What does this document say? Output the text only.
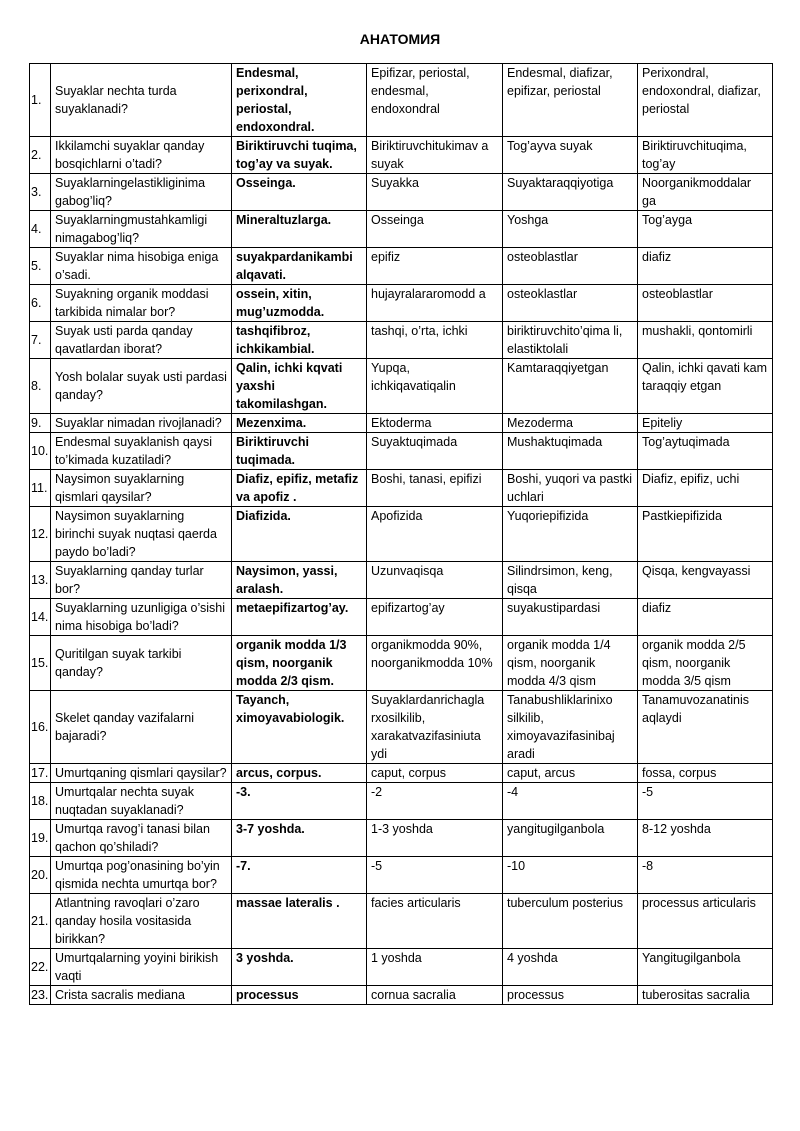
АНАТОМИЯ
1.	Suyaklar nechta turda suyaklanadi?	Endesmal, perixondral, periostal, endoxondral.	Epifizar, periostal, endesmal, endoxondral	Endesmal, diafizar, epifizar, periostal	Perixondral, endoxondral, diafizar, periostal
2.	Ikkilamchi suyaklar qanday bosqichlarni o’tadi?	Biriktiruvchi tuqima, tog’ay va suyak.	Biriktiruvchitukimav a suyak	Tog’ayva suyak	Biriktiruvchituqima, tog’ay
3.	Suyaklarningelastikliginima gabog’liq?	Osseinga.	Suyakka	Suyaktaraqqiyotiga	Noorganikmoddalar ga
4.	Suyaklarningmustahkamligi nimagabog’liq?	Mineraltuzlarga.	Osseinga	Yoshga	Tog’ayga
5.	Suyaklar nima hisobiga eniga o’sadi.	suyakpardanikambi alqavati.	epifiz	osteoblastlar	diafiz
6.	Suyakning organik moddasi tarkibida nimalar bor?	ossein, xitin, mug’uzmodda.	hujayralararomodd a	osteoklastlar	osteoblastlar
7.	Suyak usti parda qanday qavatlardan iborat?	tashqifibroz, ichkikambial.	tashqi, o’rta, ichki	biriktiruvchito’qima li, elastiktolali	mushakli, qontomirli
8.	Yosh bolalar suyak usti pardasi qanday?	Qalin, ichki kqvati yaxshi takomilashgan.	Yupqa, ichkiqavatiqalin	Kamtaraqqiyetgan	Qalin, ichki qavati kam taraqqiy etgan
9.	Suyaklar nimadan rivojlanadi?	Mezenxima.	Ektoderma	Mezoderma	Epiteliy
10.	Endesmal suyaklanish qaysi to’kimada kuzatiladi?	Biriktiruvchi tuqimada.	Suyaktuqimada	Mushaktuqimada	Tog’aytuqimada
11.	Naysimon suyaklarning qismlari qaysilar?	Diafiz, epifiz, metafiz va apofiz .	Boshi, tanasi, epifizi	Boshi, yuqori va pastki uchlari	Diafiz, epifiz, uchi
12.	Naysimon suyaklarning birinchi suyak nuqtasi qaerda paydo bo’ladi?	Diafizida.	Apofizida	Yuqoriepifizida	Pastkiepifizida
13.	Suyaklarning qanday turlar bor?	Naysimon, yassi, aralash.	Uzunvaqisqa	Silindrsimon, keng, qisqa	Qisqa, kengvayassi
14.	Suyaklarning uzunligiga o’sishi nima hisobiga bo’ladi?	metaepifizartog’ay.	epifizartog’ay	suyakustipardasi	diafiz
15.	Quritilgan suyak tarkibi qanday?	organik modda 1/3 qism, noorganik modda 2/3 qism.	organikmodda 90%, noorganikmodda 10%	organik modda 1/4 qism, noorganik modda 4/3 qism	organik modda 2/5 qism, noorganik modda 3/5 qism
16.	Skelet qanday vazifalarni bajaradi?	Tayanch, ximoyavabiologik.	Suyaklardanrichagla rxosilkilib, xarakatvazifasiniuta ydi	Tanabushliklarinixo silkilib, ximoyavazifasinibaj aradi	Tanamuvozanatinis aqlaydi
17.	Umurtqaning qismlari qaysilar?	arcus, corpus.	caput, corpus	caput, arcus	fossa, corpus
18.	Umurtqalar nechta suyak nuqtadan suyaklanadi?	-3.	-2	-4	-5
19.	Umurtqa ravog’i tanasi bilan qachon qo’shiladi?	3-7 yoshda.	1-3 yoshda	yangitugilganbola	8-12 yoshda
20.	Umurtqa pog’onasining bo’yin qismida nechta umurtqa bor?	-7.	-5	-10	-8
21.	Atlantning ravoqlari o’zaro qanday hosila vositasida birikkan?	massae lateralis .	facies articularis	tuberculum posterius	processus articularis
22.	Umurtqalarning yoyini birikish vaqti	3 yoshda.	1 yoshda	4 yoshda	Yangitugilganbola
23.	Crista sacralis mediana	processus	cornua sacralia	processus	tuberositas sacralia
